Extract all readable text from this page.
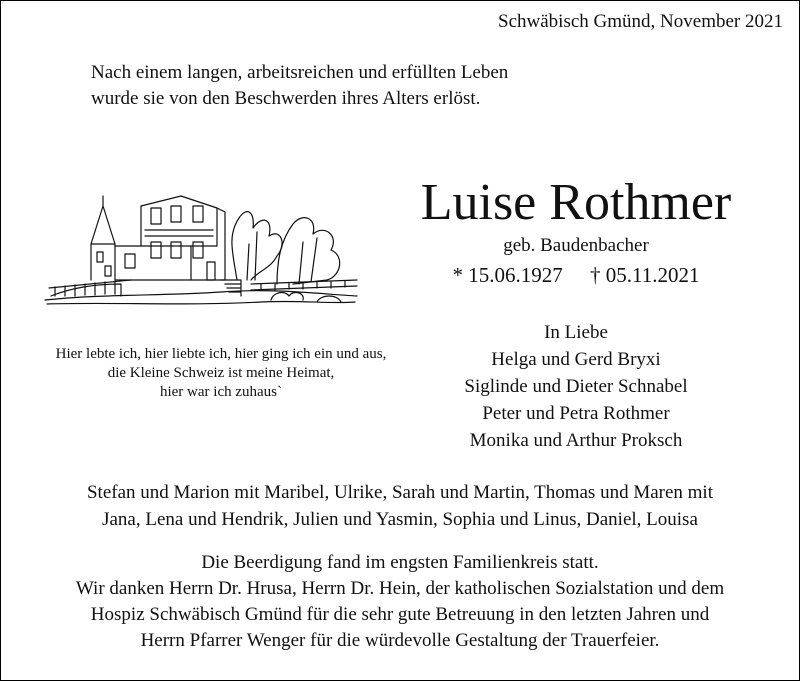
Schwäbisch Gmünd, November 2021
Nach einem langen, arbeitsreichen und erfüllten Leben
wurde sie von den Beschwerden ihres Alters erlöst.
Luise Rothmer
geb. Baudenbacher
* 15.06.1927 † 05.11.2021
Hier lebte ich, hier liebte ich, hier ging ich ein und aus,
die Kleine Schweiz ist meine Heimat,
hier war ich zuhaus`
In Liebe
Helga und Gerd Bryxi
Siglinde und Dieter Schnabel
Peter und Petra Rothmer
Monika und Arthur Proksch
Stefan und Marion mit Maribel, Ulrike, Sarah und Martin, Thomas und Maren mit
Jana, Lena und Hendrik, Julien und Yasmin, Sophia und Linus, Daniel, Louisa
Die Beerdigung fand im engsten Familienkreis statt.
Wir danken Herrn Dr. Hrusa, Herrn Dr. Hein, der katholischen Sozialstation und dem
Hospiz Schwäbisch Gmünd für die sehr gute Betreuung in den letzten Jahren und
Herrn Pfarrer Wenger für die würdevolle Gestaltung der Trauerfeier.
